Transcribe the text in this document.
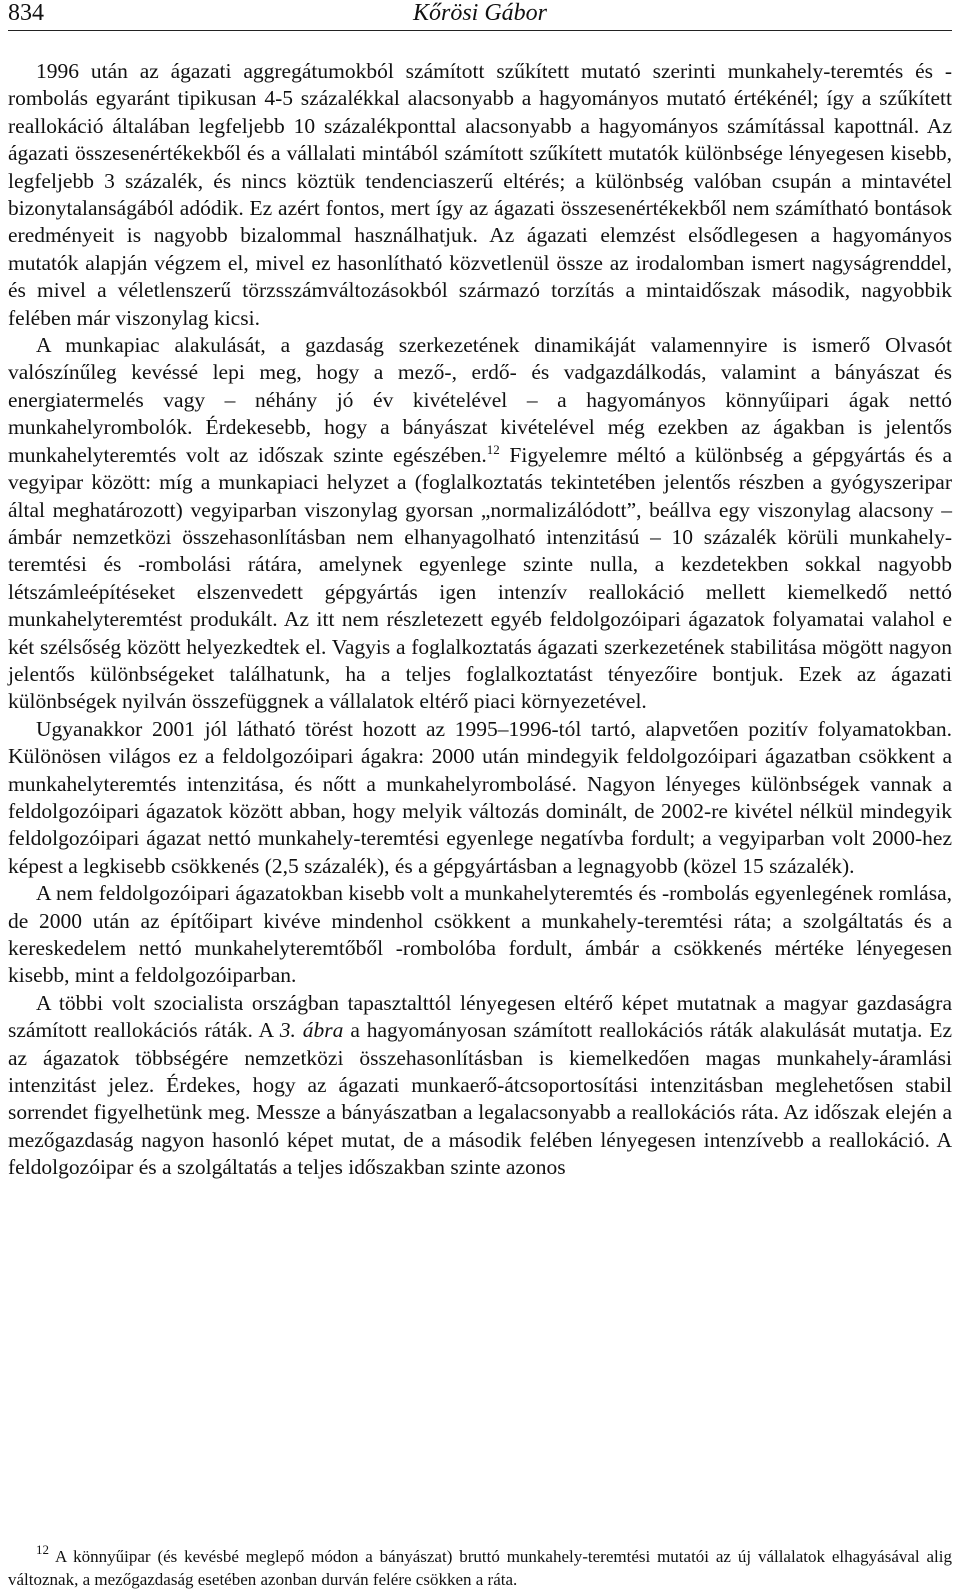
834	Kőrösi Gábor

1996 után az ágazati aggregátumokból számított szűkített mutató szerinti munkahely-teremtés és -rombolás egyaránt tipikusan 4-5 százalékkal alacsonyabb a hagyományos mutató értékénél; így a szűkített reallokáció általában legfeljebb 10 százalékponttal alacsonyabb a hagyományos számítással kapottnál. Az ágazati összesenértékekből és a vállalati mintából számított szűkített mutatók különbsége lényegesen kisebb, legfeljebb 3 százalék, és nincs köztük tendenciaszerű eltérés; a különbség valóban csupán a mintavétel bizonytalanságából adódik. Ez azért fontos, mert így az ágazati összesenértékekből nem számítható bontások eredményeit is nagyobb bizalommal használhatjuk. Az ágazati elemzést elsődlegesen a hagyományos mutatók alapján végzem el, mivel ez hasonlítható közvetlenül össze az irodalomban ismert nagyságrenddel, és mivel a véletlenszerű törzsszámváltozásokból származó torzítás a mintaidőszak második, nagyobbik felében már viszonylag kicsi.

A munkapiac alakulását, a gazdaság szerkezetének dinamikáját valamennyire is ismerő Olvasót valószínűleg kevéssé lepi meg, hogy a mező-, erdő- és vadgazdálkodás, valamint a bányászat és energiatermelés vagy – néhány jó év kivételével – a hagyományos könnyűipari ágak nettó munkahelyrombolók. Érdekesebb, hogy a bányászat kivételével még ezekben az ágakban is jelentős munkahelyteremtés volt az időszak szinte egészében.$^{12}$ Figyelemre méltó a különbség a gépgyártás és a vegyipar között: míg a munkapiaci helyzet a (foglalkoztatás tekintetében jelentős részben a gyógyszeripar által meghatározott) vegyiparban viszonylag gyorsan „normalizálódott”, beállva egy viszonylag alacsony – ámbár nemzetközi összehasonlításban nem elhanyagolható intenzitású – 10 százalék körüli munkahely-teremtési és -rombolási rátára, amelynek egyenlege szinte nulla, a kezdetekben sokkal nagyobb létszámleépítéseket elszenvedett gépgyártás igen intenzív reallokáció mellett kiemelkedő nettó munkahelyteremtést produkált. Az itt nem részletezett egyéb feldolgozóipari ágazatok folyamatai valahol e két szélsőség között helyezkedtek el. Vagyis a foglalkoztatás ágazati szerkezetének stabilitása mögött nagyon jelentős különbségeket találhatunk, ha a teljes foglalkoztatást tényezőire bontjuk. Ezek az ágazati különbségek nyilván összefüggnek a vállalatok eltérő piaci környezetével.

Ugyanakkor 2001 jól látható törést hozott az 1995–1996-tól tartó, alapvetően pozitív folyamatokban. Különösen világos ez a feldolgozóipari ágakra: 2000 után mindegyik feldolgozóipari ágazatban csökkent a munkahelyteremtés intenzitása, és nőtt a munkahelyrombolásé. Nagyon lényeges különbségek vannak a feldolgozóipari ágazatok között abban, hogy melyik változás dominált, de 2002-re kivétel nélkül mindegyik feldolgozóipari ágazat nettó munkahely-teremtési egyenlege negatívba fordult; a vegyiparban volt 2000-hez képest a legkisebb csökkenés (2,5 százalék), és a gépgyártásban a legnagyobb (közel 15 százalék).

A nem feldolgozóipari ágazatokban kisebb volt a munkahelyteremtés és -rombolás egyenlegének romlása, de 2000 után az építőipart kivéve mindenhol csökkent a munkahely-teremtési ráta; a szolgáltatás és a kereskedelem nettó munkahelyteremtőből -rombolóba fordult, ámbár a csökkenés mértéke lényegesen kisebb, mint a feldolgozóiparban.

A többi volt szocialista országban tapasztalttól lényegesen eltérő képet mutatnak a magyar gazdaságra számított reallokációs ráták. A 3. ábra a hagyományosan számított reallokációs ráták alakulását mutatja. Ez az ágazatok többségére nemzetközi összehasonlításban is kiemelkedően magas munkahely-áramlási intenzitást jelez. Érdekes, hogy az ágazati munkaerő-átcsoportosítási intenzitásban meglehetősen stabil sorrendet figyelhetünk meg. Messze a bányászatban a legalacsonyabb a reallokációs ráta. Az időszak elején a mezőgazdaság nagyon hasonló képet mutat, de a második felében lényegesen intenzívebb a reallokáció. A feldolgozóipar és a szolgáltatás a teljes időszakban szinte azonos

$^{12}$ A könnyűipar (és kevésbé meglepő módon a bányászat) bruttó munkahely-teremtési mutatói az új vállalatok elhagyásával alig változnak, a mezőgazdaság esetében azonban durván felére csökken a ráta.
